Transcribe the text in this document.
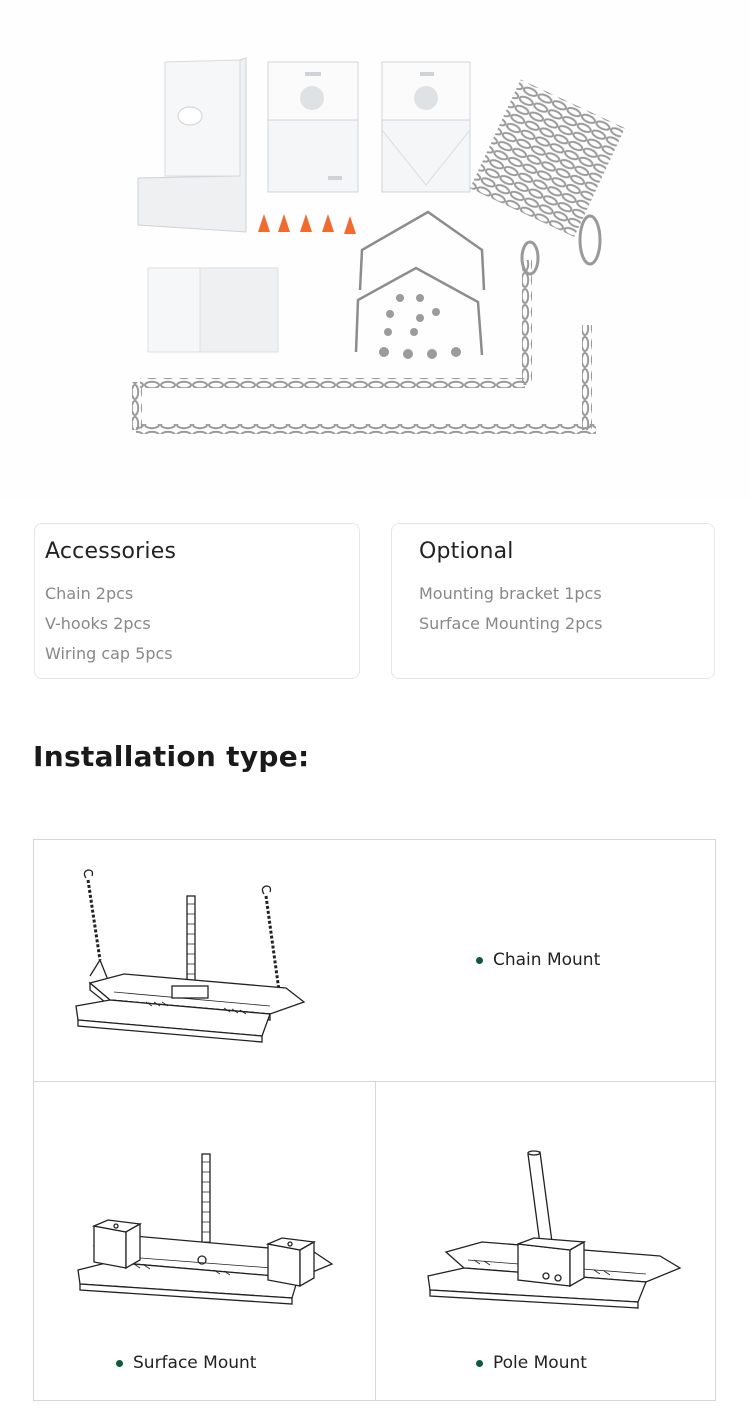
Accessories
Chain 2pcs
V-hooks 2pcs
Wiring cap 5pcs
Optional
Mounting bracket 1pcs
Surface Mounting 2pcs
Installation type:
Chain Mount
Surface Mount	Pole Mount
